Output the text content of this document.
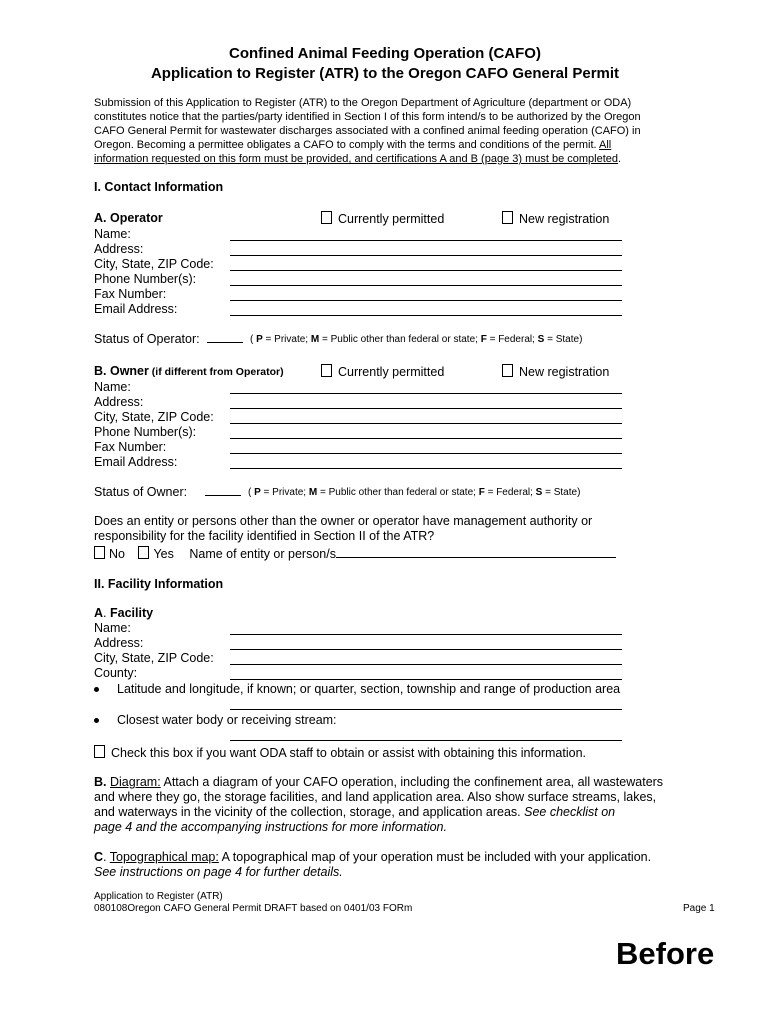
Confined Animal Feeding Operation (CAFO)
Application to Register (ATR) to the Oregon CAFO General Permit
Submission of this Application to Register (ATR) to the Oregon Department of Agriculture (department or ODA)
constitutes notice that the parties/party identified in Section I of this form intend/s to be authorized by the Oregon
CAFO General Permit for wastewater discharges associated with a confined animal feeding operation (CAFO) in
Oregon. Becoming a permittee obligates a CAFO to comply with the terms and conditions of the permit. All
information requested on this form must be provided, and certifications A and B (page 3) must be completed.
I. Contact Information
A. Operator	Currently permitted	New registration
Name:
Address:
City, State, ZIP Code:
Phone Number(s):
Fax Number:
Email Address:
Status of Operator:	( P = Private; M = Public other than federal or state; F = Federal; S = State)
B. Owner (if different from Operator)	Currently permitted	New registration
Name:
Address:
City, State, ZIP Code:
Phone Number(s):
Fax Number:
Email Address:
Status of Owner:	( P = Private; M = Public other than federal or state; F = Federal; S = State)
Does an entity or persons other than the owner or operator have management authority or
responsibility for the facility identified in Section II of the ATR?
No Yes Name of entity or person/s
II. Facility Information
A. Facility
Name:
Address:
City, State, ZIP Code:
County:
Latitude and longitude, if known; or quarter, section, township and range of production area
Closest water body or receiving stream:
Check this box if you want ODA staff to obtain or assist with obtaining this information.
B. Diagram: Attach a diagram of your CAFO operation, including the confinement area, all wastewaters
and where they go, the storage facilities, and land application area. Also show surface streams, lakes,
and waterways in the vicinity of the collection, storage, and application areas. See checklist on
page 4 and the accompanying instructions for more information.
C. Topographical map: A topographical map of your operation must be included with your application.
See instructions on page 4 for further details.
Application to Register (ATR)
080108Oregon CAFO General Permit DRAFT based on 0401/03 FORm	Page 1
Before
